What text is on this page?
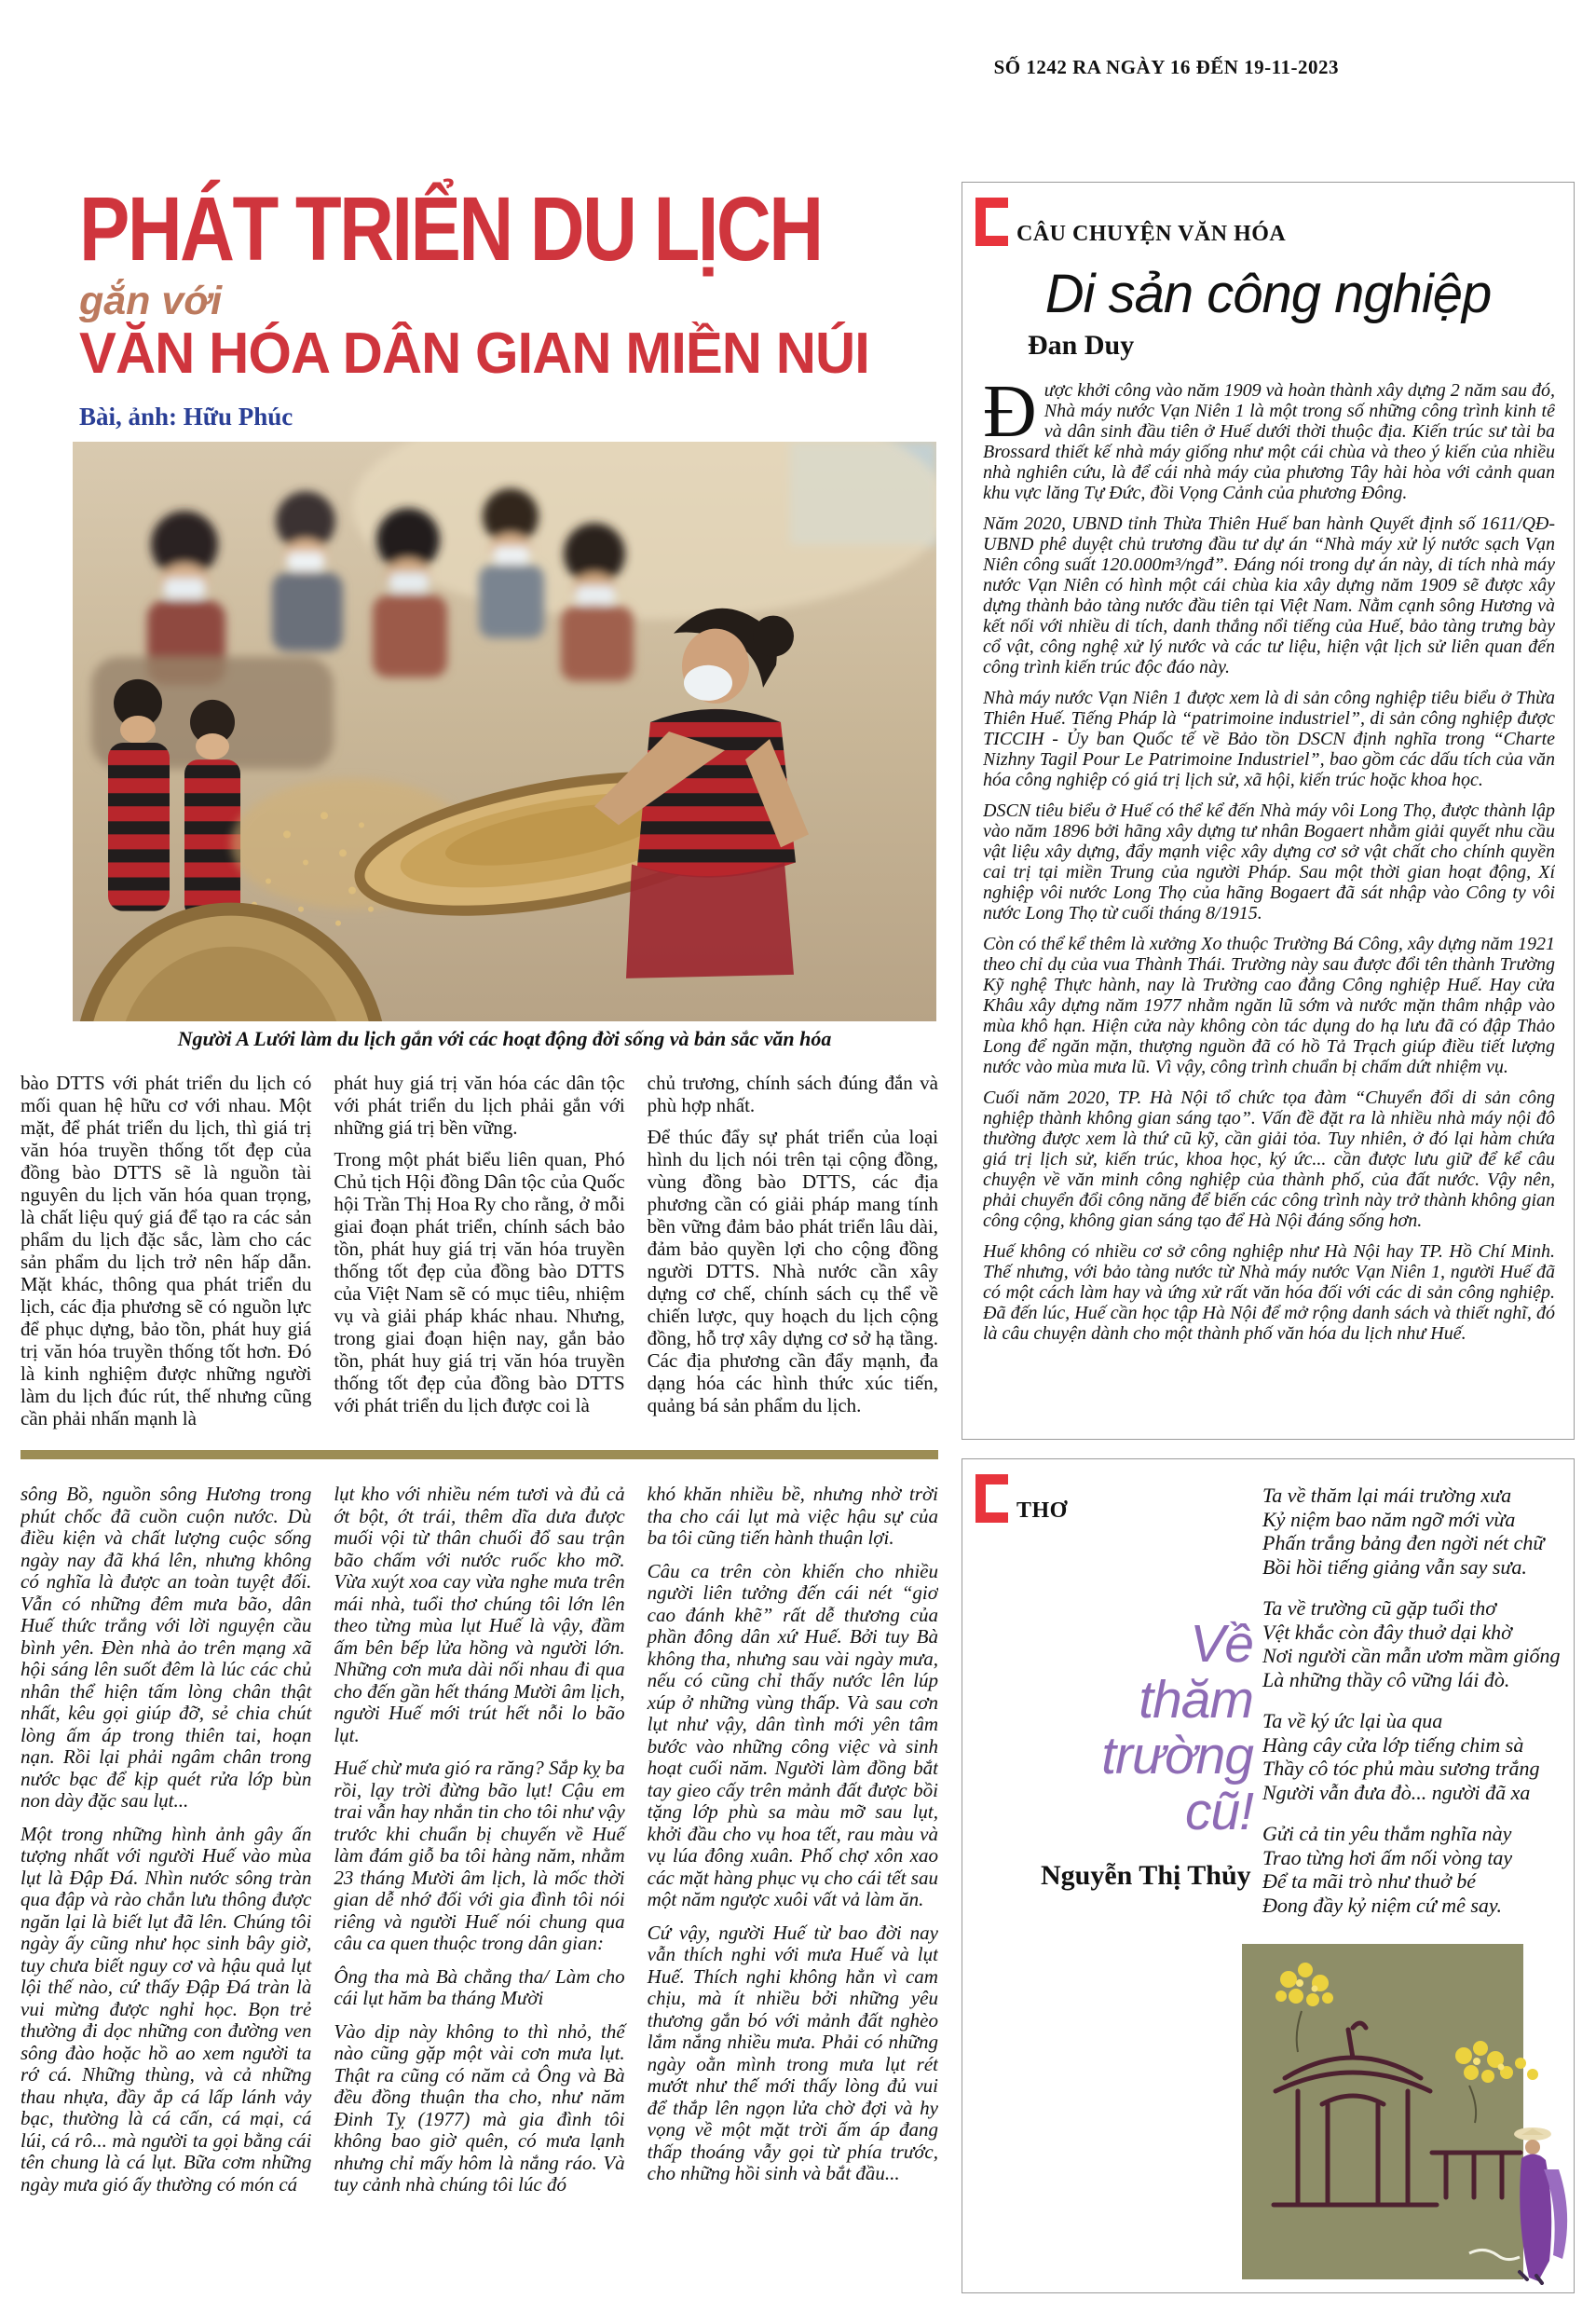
SỐ 1242 RA NGÀY 16 ĐẾN 19-11-2023
PHÁT TRIỂN DU LỊCH
gắn với
VĂN HÓA DÂN GIAN MIỀN NÚI
Bài, ảnh: Hữu Phúc
Người A Lưới làm du lịch gắn với các hoạt động đời sống và bản sắc văn hóa

bào DTTS với phát triển du lịch có mối quan hệ hữu cơ với nhau. Một mặt, để phát triển du lịch, thì giá trị văn hóa truyền thống tốt đẹp của đồng bào DTTS sẽ là nguồn tài nguyên du lịch văn hóa quan trọng, là chất liệu quý giá để tạo ra các sản phẩm du lịch đặc sắc, làm cho các sản phẩm du lịch trở nên hấp dẫn. Mặt khác, thông qua phát triển du lịch, các địa phương sẽ có nguồn lực để phục dựng, bảo tồn, phát huy giá trị văn hóa truyền thống tốt hơn. Đó là kinh nghiệm được những người làm du lịch đúc rút, thế nhưng cũng cần phải nhấn mạnh là

phát huy giá trị văn hóa các dân tộc với phát triển du lịch phải gắn với những giá trị bền vững.

Trong một phát biểu liên quan, Phó Chủ tịch Hội đồng Dân tộc của Quốc hội Trần Thị Hoa Ry cho rằng, ở mỗi giai đoạn phát triển, chính sách bảo tồn, phát huy giá trị văn hóa truyền thống tốt đẹp của đồng bào DTTS của Việt Nam sẽ có mục tiêu, nhiệm vụ và giải pháp khác nhau. Nhưng, trong giai đoạn hiện nay, gắn bảo tồn, phát huy giá trị văn hóa truyền thống tốt đẹp của đồng bào DTTS với phát triển du lịch được coi là

chủ trương, chính sách đúng đắn và phù hợp nhất.

Để thúc đẩy sự phát triển của loại hình du lịch nói trên tại cộng đồng, vùng đồng bào DTTS, các địa phương cần có giải pháp mang tính bền vững đảm bảo phát triển lâu dài, đảm bảo quyền lợi cho cộng đồng người DTTS. Nhà nước cần xây dựng cơ chế, chính sách cụ thể về chiến lược, quy hoạch du lịch cộng đồng, hỗ trợ xây dựng cơ sở hạ tầng. Các địa phương cần đẩy mạnh, đa dạng hóa các hình thức xúc tiến, quảng bá sản phẩm du lịch.

sông Bồ, nguồn sông Hương trong phút chốc đã cuồn cuộn nước. Dù điều kiện và chất lượng cuộc sống ngày nay đã khá lên, nhưng không có nghĩa là được an toàn tuyệt đối. Vẫn có những đêm mưa bão, dân Huế thức trắng với lời nguyện cầu bình yên. Đèn nhà ảo trên mạng xã hội sáng lên suốt đêm là lúc các chủ nhân thể hiện tấm lòng chân thật nhất, kêu gọi giúp đỡ, sẻ chia chút lòng ấm áp trong thiên tai, hoạn nạn. Rồi lại phải ngâm chân trong nước bạc để kịp quét rửa lớp bùn non dày đặc sau lụt...

Một trong những hình ảnh gây ấn tượng nhất với người Huế vào mùa lụt là Đập Đá. Nhìn nước sông tràn qua đập và rào chắn lưu thông được ngăn lại là biết lụt đã lên. Chúng tôi ngày ấy cũng như học sinh bây giờ, tuy chưa biết nguy cơ và hậu quả lụt lội thế nào, cứ thấy Đập Đá tràn là vui mừng được nghỉ học. Bọn trẻ thường đi dọc những con đường ven sông đào hoặc hồ ao xem người ta rớ cá. Những thùng, và cả những thau nhựa, đầy ắp cá lấp lánh vảy bạc, thường là cá cấn, cá mại, cá lúi, cá rô... mà người ta gọi bằng cái tên chung là cá lụt. Bữa cơm những ngày mưa gió ấy thường có món cá

lụt kho với nhiều ném tươi và đủ cả ớt bột, ớt trái, thêm dĩa dưa được muối vội từ thân chuối đổ sau trận bão chấm với nước ruốc kho mỡ. Vừa xuýt xoa cay vừa nghe mưa trên mái nhà, tuổi thơ chúng tôi lớn lên theo từng mùa lụt Huế là vậy, đầm ấm bên bếp lửa hồng và người lớn. Những cơn mưa dài nối nhau đi qua cho đến gần hết tháng Mười âm lịch, người Huế mới trút hết nỗi lo bão lụt.

Huế chừ mưa gió ra răng? Sắp kỵ ba rồi, lạy trời đừng bão lụt! Cậu em trai vẫn hay nhắn tin cho tôi như vậy trước khi chuẩn bị chuyến về Huế làm đám giỗ ba tôi hàng năm, nhằm 23 tháng Mười âm lịch, là mốc thời gian dễ nhớ đối với gia đình tôi nói riêng và người Huế nói chung qua câu ca quen thuộc trong dân gian:

Ông tha mà Bà chẳng tha/ Làm cho cái lụt hăm ba tháng Mười

Vào dịp này không to thì nhỏ, thế nào cũng gặp một vài cơn mưa lụt. Thật ra cũng có năm cả Ông và Bà đều đồng thuận tha cho, như năm Đinh Tỵ (1977) mà gia đình tôi không bao giờ quên, có mưa lạnh nhưng chỉ mấy hôm là nắng ráo. Và tuy cảnh nhà chúng tôi lúc đó

khó khăn nhiều bề, nhưng nhờ trời tha cho cái lụt mà việc hậu sự của ba tôi cũng tiến hành thuận lợi.

Câu ca trên còn khiến cho nhiều người liên tưởng đến cái nét “giơ cao đánh khẽ” rất dễ thương của phần đông dân xứ Huế. Bởi tuy Bà không tha, nhưng sau vài ngày mưa, nếu có cũng chỉ thấy nước lên lúp xúp ở những vùng thấp. Và sau cơn lụt như vậy, dân tình mới yên tâm bước vào những công việc và sinh hoạt cuối năm. Người làm đồng bắt tay gieo cấy trên mảnh đất được bồi tặng lớp phù sa màu mỡ sau lụt, khởi đầu cho vụ hoa tết, rau màu và vụ lúa đông xuân. Phố chợ xôn xao các mặt hàng phục vụ cho cái tết sau một năm ngược xuôi vất vả làm ăn.

Cứ vậy, người Huế từ bao đời nay vẫn thích nghi với mưa Huế và lụt Huế. Thích nghi không hẳn vì cam chịu, mà ít nhiều bởi những yêu thương gắn bó với mảnh đất nghèo lắm nắng nhiều mưa. Phải có những ngày oằn mình trong mưa lụt rét mướt như thế mới thấy lòng đủ vui để thắp lên ngọn lửa chờ đợi và hy vọng về một mặt trời ấm áp đang thấp thoáng vẫy gọi từ phía trước, cho những hồi sinh và bắt đầu...

CÂU CHUYỆN VĂN HÓA
Di sản công nghiệp
Đan Duy

Được khởi công vào năm 1909 và hoàn thành xây dựng 2 năm sau đó, Nhà máy nước Vạn Niên 1 là một trong số những công trình kinh tế và dân sinh đầu tiên ở Huế dưới thời thuộc địa. Kiến trúc sư tài ba Brossard thiết kế nhà máy giống như một cái chùa và theo ý kiến của nhiều nhà nghiên cứu, là để cái nhà máy của phương Tây hài hòa với cảnh quan khu vực lăng Tự Đức, đồi Vọng Cảnh của phương Đông.

Năm 2020, UBND tỉnh Thừa Thiên Huế ban hành Quyết định số 1611/QĐ-UBND phê duyệt chủ trương đầu tư dự án “Nhà máy xử lý nước sạch Vạn Niên công suất 120.000m³/ngđ”. Đáng nói trong dự án này, di tích nhà máy nước Vạn Niên có hình một cái chùa kia xây dựng năm 1909 sẽ được xây dựng thành bảo tàng nước đầu tiên tại Việt Nam. Nằm cạnh sông Hương và kết nối với nhiều di tích, danh thắng nổi tiếng của Huế, bảo tàng trưng bày cổ vật, công nghệ xử lý nước và các tư liệu, hiện vật lịch sử liên quan đến công trình kiến trúc độc đáo này.

Nhà máy nước Vạn Niên 1 được xem là di sản công nghiệp tiêu biểu ở Thừa Thiên Huế. Tiếng Pháp là “patrimoine industriel”, di sản công nghiệp được TICCIH - Ủy ban Quốc tế về Bảo tồn DSCN định nghĩa trong “Charte Nizhny Tagil Pour Le Patrimoine Industriel”, bao gồm các dấu tích của văn hóa công nghiệp có giá trị lịch sử, xã hội, kiến trúc hoặc khoa học.

DSCN tiêu biểu ở Huế có thể kể đến Nhà máy vôi Long Thọ, được thành lập vào năm 1896 bởi hãng xây dựng tư nhân Bogaert nhằm giải quyết nhu cầu vật liệu xây dựng, đẩy mạnh việc xây dựng cơ sở vật chất cho chính quyền cai trị tại miền Trung của người Pháp. Sau một thời gian hoạt động, Xí nghiệp vôi nước Long Thọ của hãng Bogaert đã sát nhập vào Công ty vôi nước Long Thọ từ cuối tháng 8/1915.

Còn có thể kể thêm là xưởng Xo thuộc Trường Bá Công, xây dựng năm 1921 theo chỉ dụ của vua Thành Thái. Trường này sau được đổi tên thành Trường Kỹ nghệ Thực hành, nay là Trường cao đẳng Công nghiệp Huế. Hay cửa Khâu xây dựng năm 1977 nhằm ngăn lũ sớm và nước mặn thâm nhập vào mùa khô hạn. Hiện cửa này không còn tác dụng do hạ lưu đã có đập Thảo Long để ngăn mặn, thượng nguồn đã có hồ Tả Trạch giúp điều tiết lượng nước vào mùa mưa lũ. Vì vậy, công trình chuẩn bị chấm dứt nhiệm vụ.

Cuối năm 2020, TP. Hà Nội tổ chức tọa đàm “Chuyển đổi di sản công nghiệp thành không gian sáng tạo”. Vấn đề đặt ra là nhiều nhà máy nội đô thường được xem là thứ cũ kỹ, cần giải tỏa. Tuy nhiên, ở đó lại hàm chứa giá trị lịch sử, kiến trúc, khoa học, ký ức... cần được lưu giữ để kể câu chuyện về văn minh công nghiệp của thành phố, của đất nước. Vậy nên, phải chuyển đổi công năng để biến các công trình này trở thành không gian công cộng, không gian sáng tạo để Hà Nội đáng sống hơn.

Huế không có nhiều cơ sở công nghiệp như Hà Nội hay TP. Hồ Chí Minh. Thế nhưng, với bảo tàng nước từ Nhà máy nước Vạn Niên 1, người Huế đã có một cách làm hay và ứng xử rất văn hóa đối với các di sản công nghiệp. Đã đến lúc, Huế cần học tập Hà Nội để mở rộng danh sách và thiết nghĩ, đó là câu chuyện dành cho một thành phố văn hóa du lịch như Huế.

THƠ
Ta về thăm lại mái trường xưa
Kỷ niệm bao năm ngỡ mới vừa
Phấn trắng bảng đen ngời nét chữ
Bồi hồi tiếng giảng vẫn say sưa.
Ta về trường cũ gặp tuổi thơ
Vệt khắc còn đây thuở dại khờ
Nơi người cần mẫn ươm mầm giống
Là những thầy cô vững lái đò.
Ta về ký ức lại ùa qua
Hàng cây cửa lớp tiếng chim sà
Thầy cô tóc phủ màu sương trắng
Người vẫn đưa đò... người đã xa
Gửi cả tin yêu thắm nghĩa này
Trao từng hơi ấm nối vòng tay
Để ta mãi trò như thuở bé
Đong đầy kỷ niệm cứ mê say.
Về
thăm
trường
cũ!
Nguyễn Thị Thủy
